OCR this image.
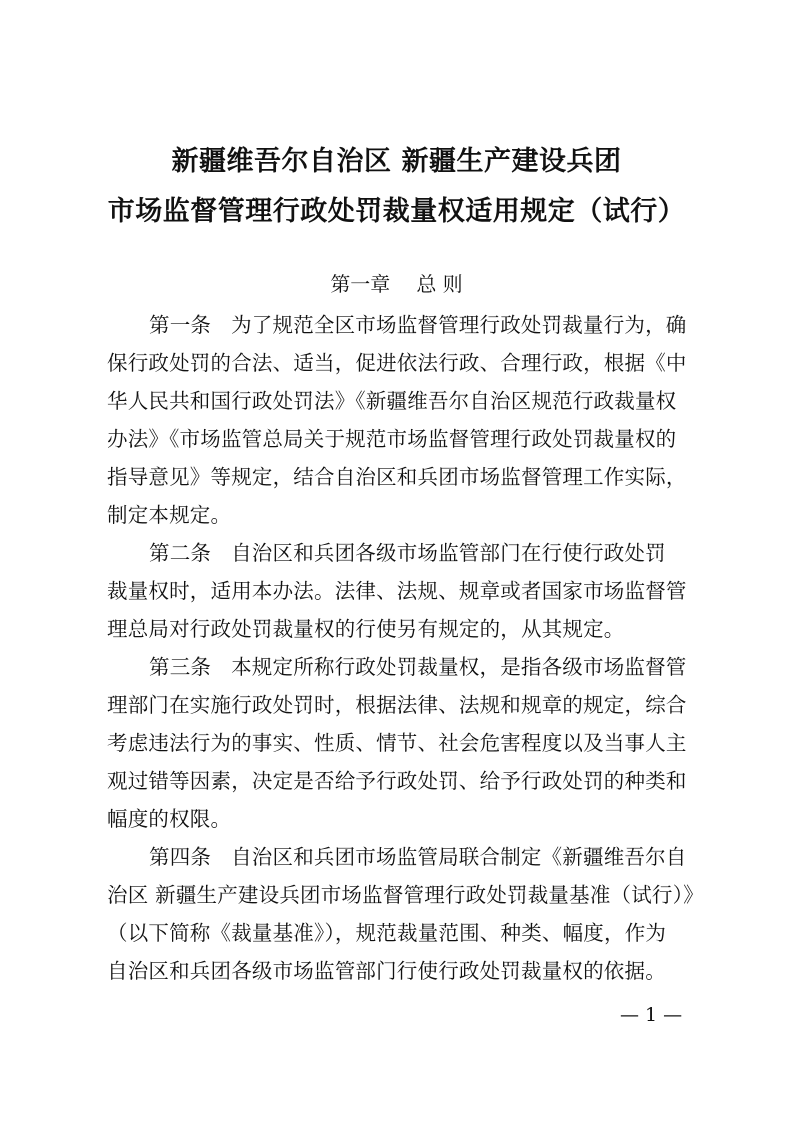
新疆维吾尔自治区 新疆生产建设兵团
市场监督管理行政处罚裁量权适用规定（试行）
第一章 总 则
第一条 为了规范全区市场监督管理行政处罚裁量行为，确
保行政处罚的合法、适当，促进依法行政、合理行政，根据《中
华人民共和国行政处罚法》《新疆维吾尔自治区规范行政裁量权
办法》《市场监管总局关于规范市场监督管理行政处罚裁量权的
指导意见》等规定，结合自治区和兵团市场监督管理工作实际，
制定本规定。
第二条 自治区和兵团各级市场监管部门在行使行政处罚
裁量权时，适用本办法。法律、法规、规章或者国家市场监督管
理总局对行政处罚裁量权的行使另有规定的，从其规定。
第三条 本规定所称行政处罚裁量权，是指各级市场监督管
理部门在实施行政处罚时，根据法律、法规和规章的规定，综合
考虑违法行为的事实、性质、情节、社会危害程度以及当事人主
观过错等因素，决定是否给予行政处罚、给予行政处罚的种类和
幅度的权限。
第四条 自治区和兵团市场监管局联合制定《新疆维吾尔自
治区 新疆生产建设兵团市场监督管理行政处罚裁量基准（试行）》
（以下简称《裁量基准》），规范裁量范围、种类、幅度，作为
自治区和兵团各级市场监管部门行使行政处罚裁量权的依据。
— 1 —
